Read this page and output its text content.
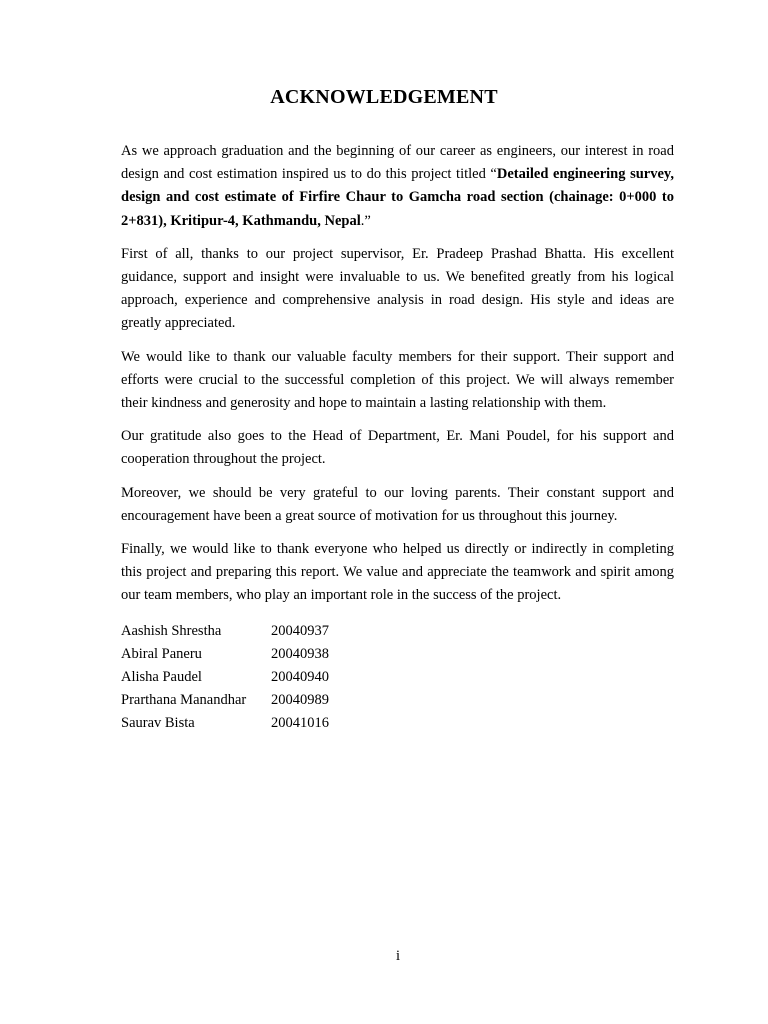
ACKNOWLEDGEMENT

As we approach graduation and the beginning of our career as engineers, our interest in road design and cost estimation inspired us to do this project titled “Detailed engineering survey, design and cost estimate of Firfire Chaur to Gamcha road section (chainage: 0+000 to 2+831), Kritipur-4, Kathmandu, Nepal.”

First of all, thanks to our project supervisor, Er. Pradeep Prashad Bhatta. His excellent guidance, support and insight were invaluable to us. We benefited greatly from his logical approach, experience and comprehensive analysis in road design. His style and ideas are greatly appreciated.

We would like to thank our valuable faculty members for their support. Their support and efforts were crucial to the successful completion of this project. We will always remember their kindness and generosity and hope to maintain a lasting relationship with them.

Our gratitude also goes to the Head of Department, Er. Mani Poudel, for his support and cooperation throughout the project.

Moreover, we should be very grateful to our loving parents. Their constant support and encouragement have been a great source of motivation for us throughout this journey.

Finally, we would like to thank everyone who helped us directly or indirectly in completing this project and preparing this report. We value and appreciate the teamwork and spirit among our team members, who play an important role in the success of the project.

Aashish Shrestha	20040937
Abiral Paneru	20040938
Alisha Paudel	20040940
Prarthana Manandhar	20040989
Saurav Bista	20041016
i
